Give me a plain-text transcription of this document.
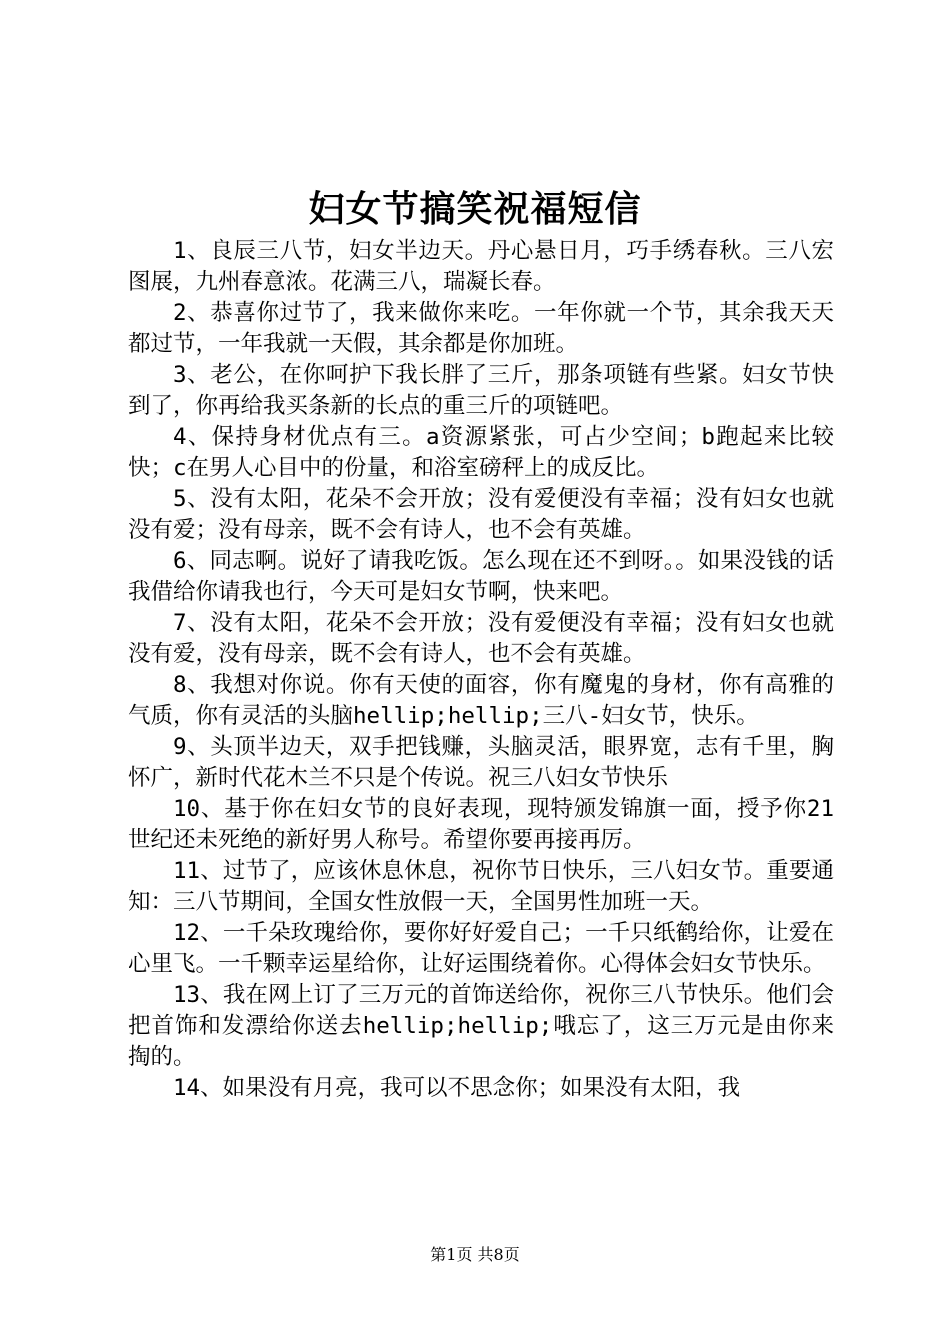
妇女节搞笑祝福短信

1、良辰三八节，妇女半边天。丹心悬日月，巧手绣春秋。三八宏图展，九州春意浓。花满三八，瑞凝长春。

2、恭喜你过节了，我来做你来吃。一年你就一个节，其余我天天都过节，一年我就一天假，其余都是你加班。

3、老公，在你呵护下我长胖了三斤，那条项链有些紧。妇女节快到了，你再给我买条新的长点的重三斤的项链吧。

4、保持身材优点有三。a资源紧张，可占少空间；b跑起来比较快；c在男人心目中的份量，和浴室磅秤上的成反比。

5、没有太阳，花朵不会开放；没有爱便没有幸福；没有妇女也就没有爱；没有母亲，既不会有诗人，也不会有英雄。

6、同志啊。说好了请我吃饭。怎么现在还不到呀。。如果没钱的话我借给你请我也行，今天可是妇女节啊，快来吧。

7、没有太阳，花朵不会开放；没有爱便没有幸福；没有妇女也就没有爱，没有母亲，既不会有诗人，也不会有英雄。

8、我想对你说。你有天使的面容，你有魔鬼的身材，你有高雅的气质，你有灵活的头脑hellip;hellip;三八-妇女节，快乐。

9、头顶半边天，双手把钱赚，头脑灵活，眼界宽，志有千里，胸怀广，新时代花木兰不只是个传说。祝三八妇女节快乐

10、基于你在妇女节的良好表现，现特颁发锦旗一面，授予你21世纪还未死绝的新好男人称号。希望你要再接再厉。

11、过节了，应该休息休息，祝你节日快乐，三八妇女节。重要通知：三八节期间，全国女性放假一天，全国男性加班一天。

12、一千朵玫瑰给你，要你好好爱自己；一千只纸鹤给你，让爱在心里飞。一千颗幸运星给你，让好运围绕着你。心得体会妇女节快乐。

13、我在网上订了三万元的首饰送给你，祝你三八节快乐。他们会把首饰和发漂给你送去hellip;hellip;哦忘了，这三万元是由你来掏的。

14、如果没有月亮，我可以不思念你；如果没有太阳，我

第1页 共8页
